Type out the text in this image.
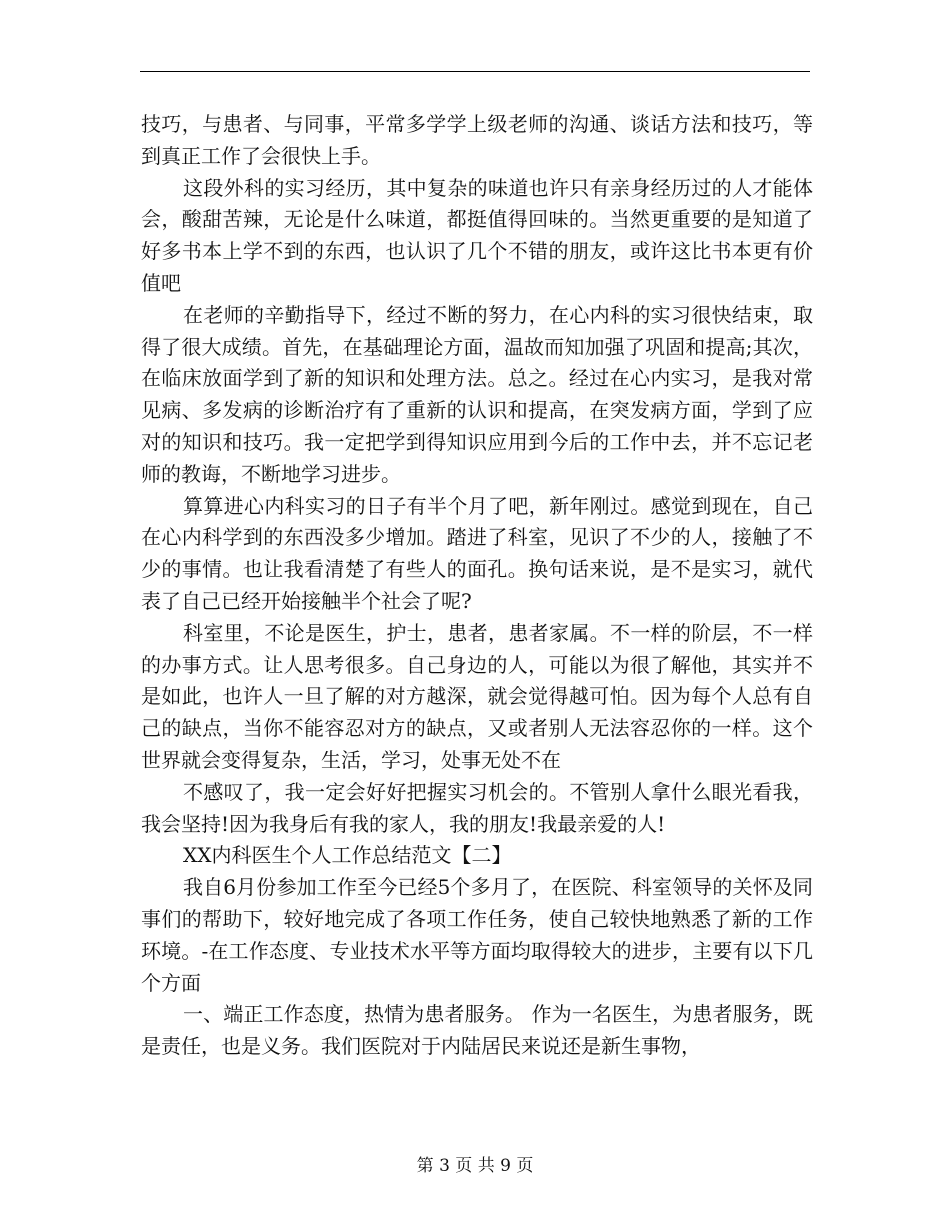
技巧，与患者、与同事，平常多学学上级老师的沟通、谈话方法和技巧，等到真正工作了会很快上手。

这段外科的实习经历，其中复杂的味道也许只有亲身经历过的人才能体会，酸甜苦辣，无论是什么味道，都挺值得回味的。当然更重要的是知道了好多书本上学不到的东西，也认识了几个不错的朋友，或许这比书本更有价值吧

在老师的辛勤指导下，经过不断的努力，在心内科的实习很快结束，取得了很大成绩。首先，在基础理论方面，温故而知加强了巩固和提高;其次，在临床放面学到了新的知识和处理方法。总之。经过在心内实习，是我对常见病、多发病的诊断治疗有了重新的认识和提高，在突发病方面，学到了应对的知识和技巧。我一定把学到得知识应用到今后的工作中去，并不忘记老师的教诲，不断地学习进步。

算算进心内科实习的日子有半个月了吧，新年刚过。感觉到现在，自己在心内科学到的东西没多少增加。踏进了科室，见识了不少的人，接触了不少的事情。也让我看清楚了有些人的面孔。换句话来说，是不是实习，就代表了自己已经开始接触半个社会了呢?

科室里，不论是医生，护士，患者，患者家属。不一样的阶层，不一样的办事方式。让人思考很多。自己身边的人，可能以为很了解他，其实并不是如此，也许人一旦了解的对方越深，就会觉得越可怕。因为每个人总有自己的缺点，当你不能容忍对方的缺点，又或者别人无法容忍你的一样。这个世界就会变得复杂，生活，学习，处事无处不在

不感叹了，我一定会好好把握实习机会的。不管别人拿什么眼光看我，我会坚持!因为我身后有我的家人，我的朋友!我最亲爱的人!

XX内科医生个人工作总结范文【二】

我自6月份参加工作至今已经5个多月了，在医院、科室领导的关怀及同事们的帮助下，较好地完成了各项工作任务，使自己较快地熟悉了新的工作环境。-在工作态度、专业技术水平等方面均取得较大的进步，主要有以下几个方面

一、端正工作态度，热情为患者服务。 作为一名医生，为患者服务，既是责任，也是义务。我们医院对于内陆居民来说还是新生事物，

第 3 页 共 9 页
